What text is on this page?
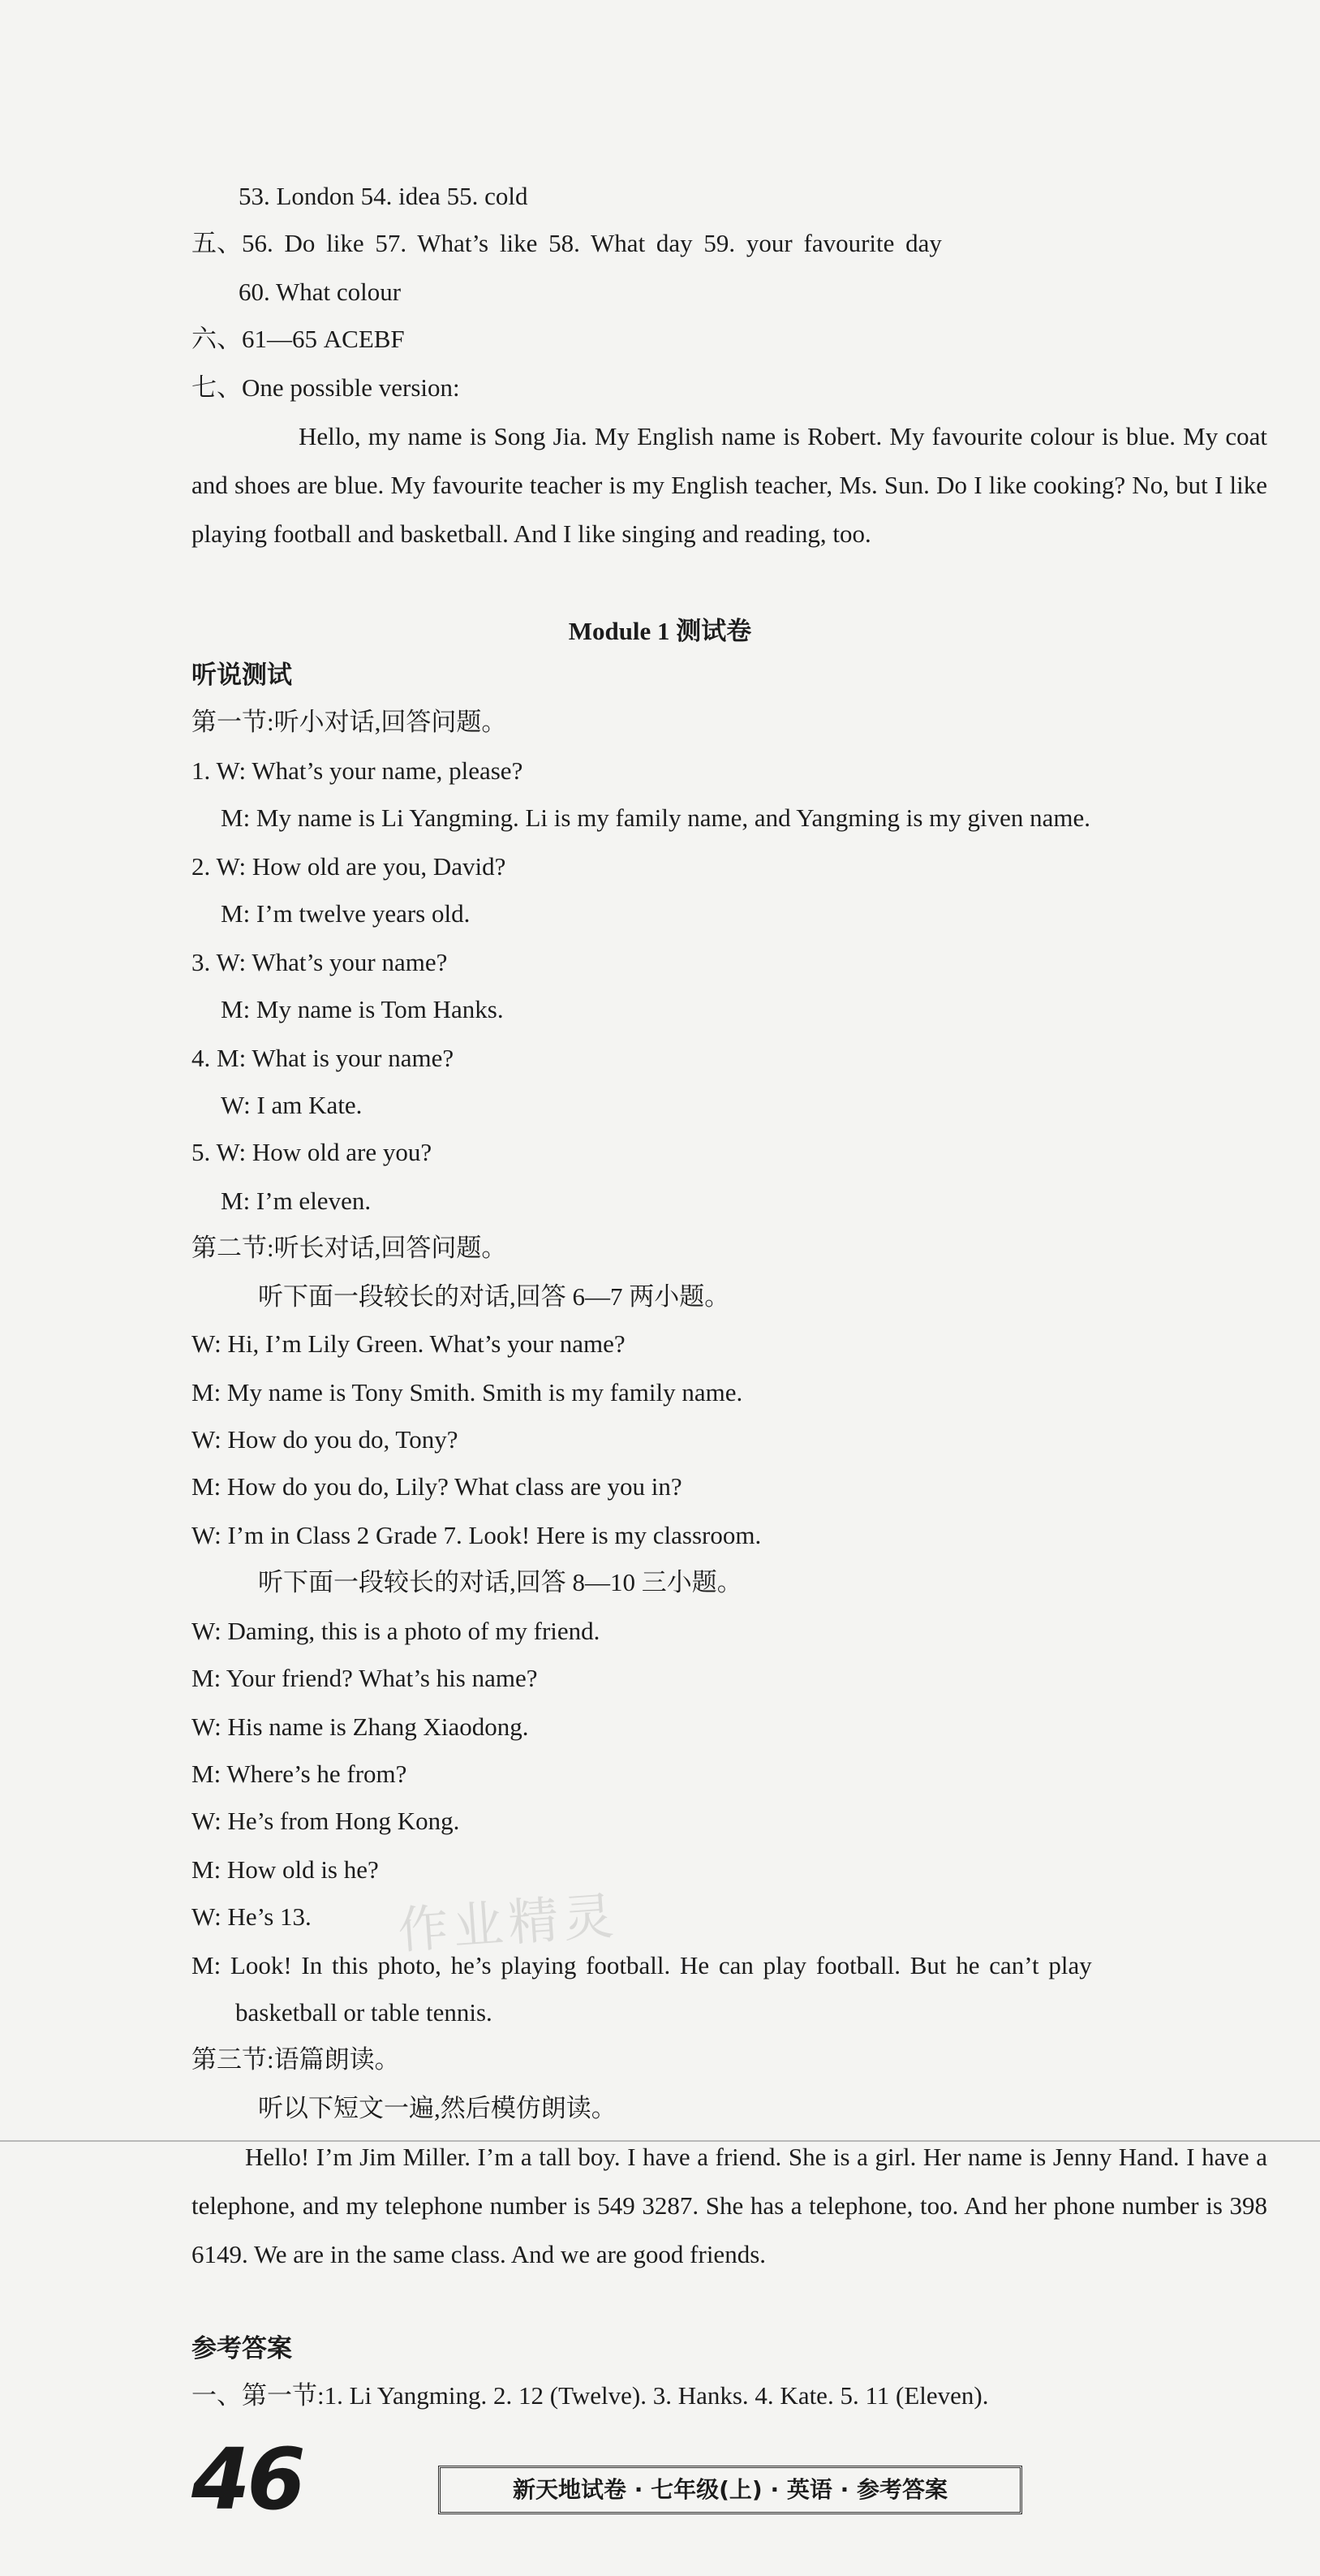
53. London 54. idea 55. cold
五、56. Do like 57. What’s like 58. What day 59. your favourite day
60. What colour
六、61—65 ACEBF
七、One possible version:
Hello, my name is Song Jia. My English name is Robert. My favourite colour is blue. My coat and shoes are blue. My favourite teacher is my English teacher, Ms. Sun. Do I like cooking? No, but I like playing football and basketball. And I like singing and reading, too.
Module 1 测试卷
听说测试
第一节:听小对话,回答问题。
1. W: What’s your name, please?
M: My name is Li Yangming. Li is my family name, and Yangming is my given name.
2. W: How old are you, David?
M: I’m twelve years old.
3. W: What’s your name?
M: My name is Tom Hanks.
4. M: What is your name?
W: I am Kate.
5. W: How old are you?
M: I’m eleven.
第二节:听长对话,回答问题。
听下面一段较长的对话,回答 6—7 两小题。
W: Hi, I’m Lily Green. What’s your name?
M: My name is Tony Smith. Smith is my family name.
W: How do you do, Tony?
M: How do you do, Lily? What class are you in?
W: I’m in Class 2 Grade 7. Look! Here is my classroom.
听下面一段较长的对话,回答 8—10 三小题。
W: Daming, this is a photo of my friend.
M: Your friend? What’s his name?
W: His name is Zhang Xiaodong.
M: Where’s he from?
W: He’s from Hong Kong.
M: How old is he?
W: He’s 13.
M: Look! In this photo, he’s playing football. He can play football. But he can’t play
basketball or table tennis.
第三节:语篇朗读。
听以下短文一遍,然后模仿朗读。
Hello! I’m Jim Miller. I’m a tall boy. I have a friend. She is a girl. Her name is Jenny Hand. I have a telephone, and my telephone number is 549 3287. She has a telephone, too. And her phone number is 398 6149. We are in the same class. And we are good friends.
参考答案
一、第一节:1. Li Yangming. 2. 12 (Twelve). 3. Hanks. 4. Kate. 5. 11 (Eleven).
46	新天地试卷 · 七年级(上) · 英语 · 参考答案
作业精灵
